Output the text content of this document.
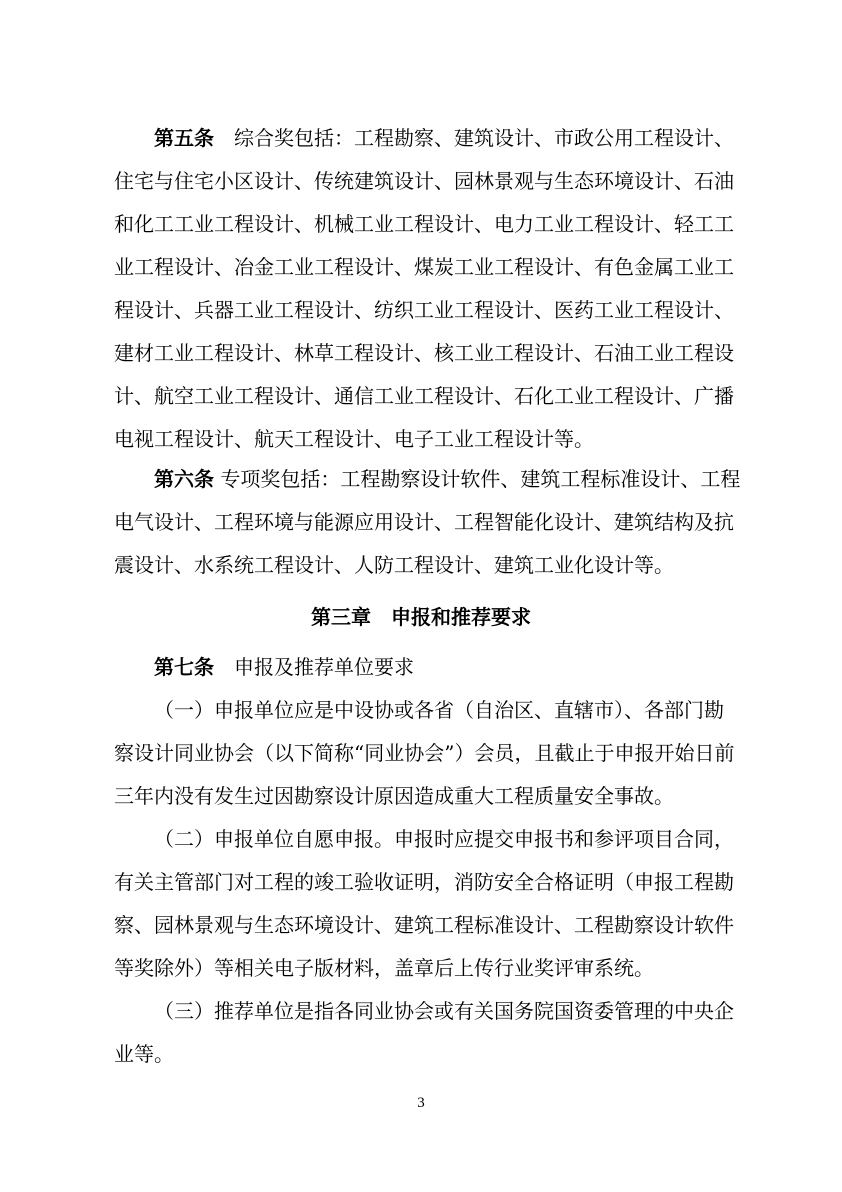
第五条　 综合奖包括：工程勘察、建筑设计、市政公用工程设计、
住宅与住宅小区设计、传统建筑设计、园林景观与生态环境设计、石油
和化工工业工程设计、机械工业工程设计、电力工业工程设计、轻工工
业工程设计、冶金工业工程设计、煤炭工业工程设计、有色金属工业工
程设计、兵器工业工程设计、纺织工业工程设计、医药工业工程设计、
建材工业工程设计、林草工程设计、核工业工程设计、石油工业工程设
计、航空工业工程设计、通信工业工程设计、石化工业工程设计、广播
电视工程设计、航天工程设计、电子工业工程设计等。
第六条 专项奖包括：工程勘察设计软件、建筑工程标准设计、工程
电气设计、工程环境与能源应用设计、工程智能化设计、建筑结构及抗
震设计、水系统工程设计、人防工程设计、建筑工业化设计等。
第三章　申报和推荐要求
第七条　 申报及推荐单位要求
（一）申报单位应是中设协或各省（自治区、直辖市）、各部门勘
察设计同业协会（以下简称“同业协会”）会员，且截止于申报开始日前
三年内没有发生过因勘察设计原因造成重大工程质量安全事故。
（二）申报单位自愿申报。申报时应提交申报书和参评项目合同，
有关主管部门对工程的竣工验收证明，消防安全合格证明（申报工程勘
察、园林景观与生态环境设计、建筑工程标准设计、工程勘察设计软件
等奖除外）等相关电子版材料，盖章后上传行业奖评审系统。
（三）推荐单位是指各同业协会或有关国务院国资委管理的中央企
业等。
3
